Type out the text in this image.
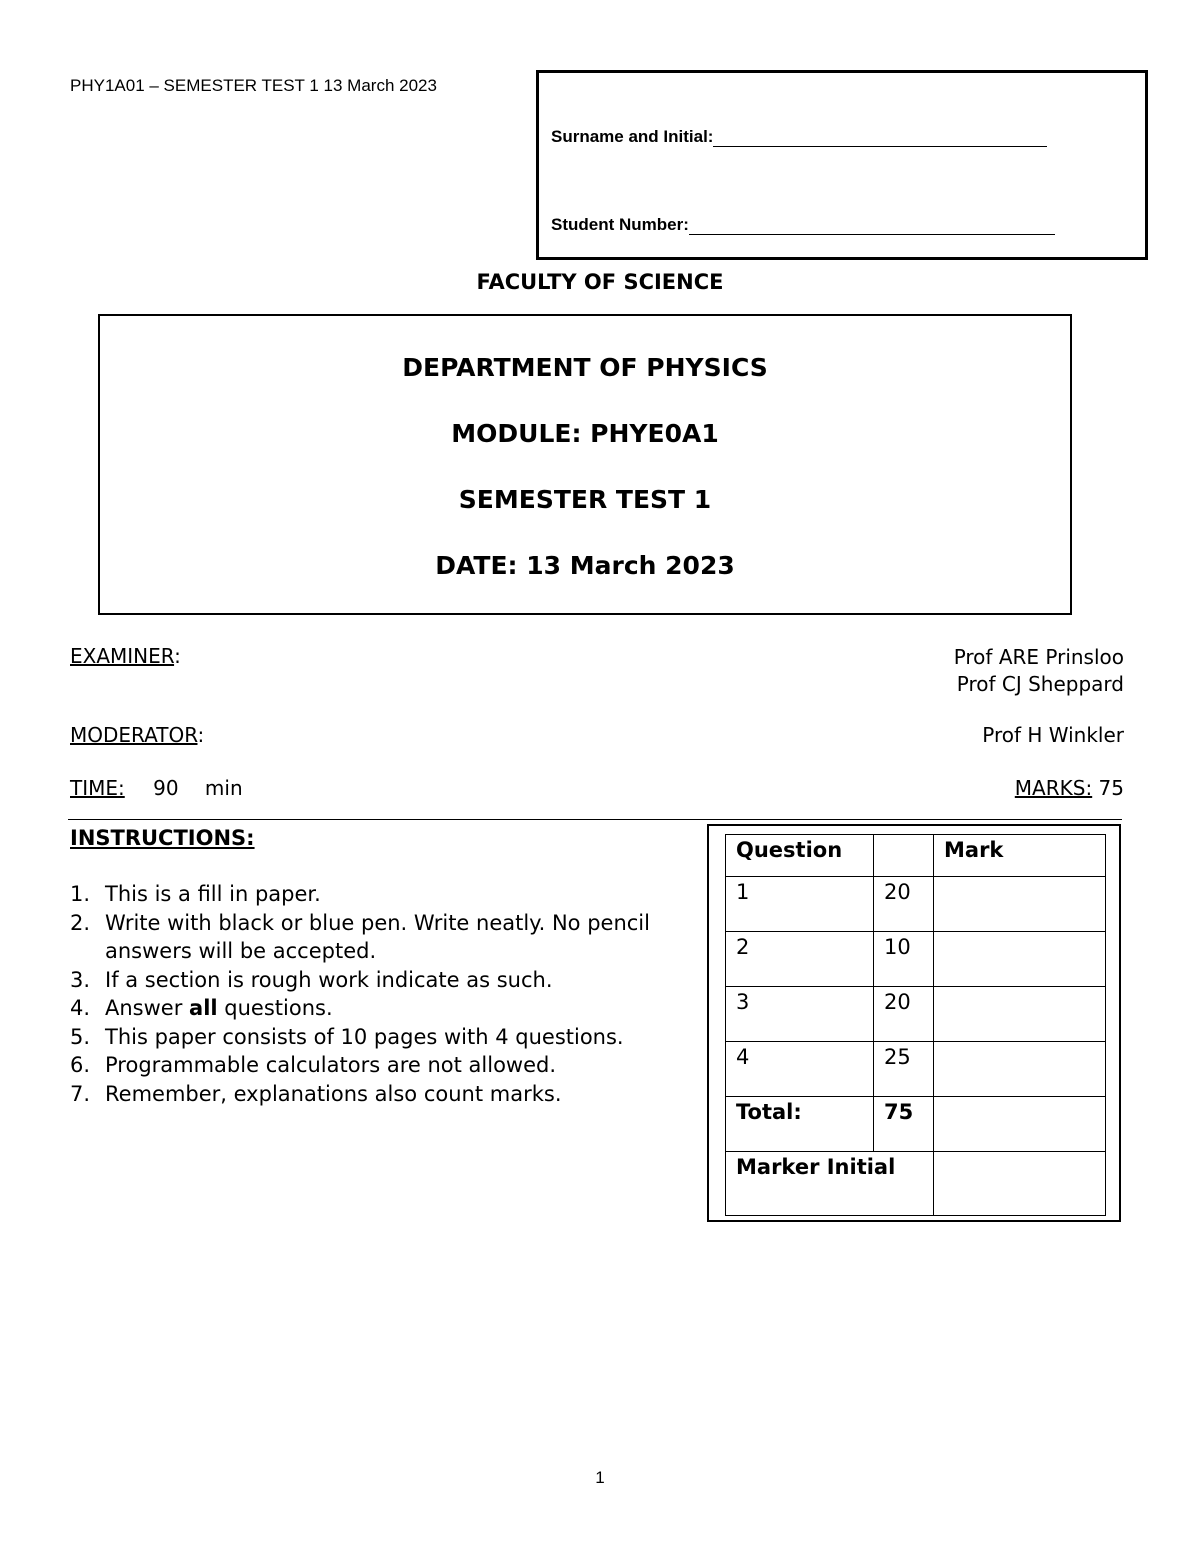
PHY1A01 – SEMESTER TEST 1 13 March 2023
Surname and Initial:
Student Number:
FACULTY OF SCIENCE
DEPARTMENT OF PHYSICS
MODULE: PHYE0A1
SEMESTER TEST 1
DATE: 13 March 2023
EXAMINER:	Prof ARE Prinsloo
Prof CJ Sheppard
MODERATOR:	Prof H Winkler
TIME: 90 min	MARKS: 75
INSTRUCTIONS:
1. This is a fill in paper.
2. Write with black or blue pen. Write neatly. No pencil answers will be accepted.
3. If a section is rough work indicate as such.
4. Answer all questions.
5. This paper consists of 10 pages with 4 questions.
6. Programmable calculators are not allowed.
7. Remember, explanations also count marks.
Question		Mark
1	20	
2	10	
3	20	
4	25	
Total:	75	
Marker Initial		
1
